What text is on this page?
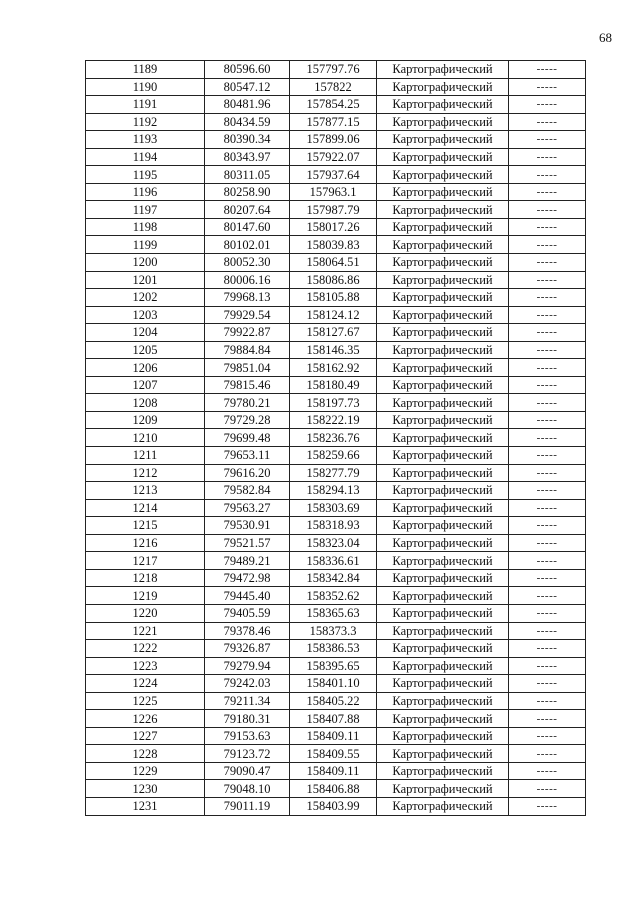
68
1189	80596.60	157797.76	Картографический	-----
1190	80547.12	157822	Картографический	-----
1191	80481.96	157854.25	Картографический	-----
1192	80434.59	157877.15	Картографический	-----
1193	80390.34	157899.06	Картографический	-----
1194	80343.97	157922.07	Картографический	-----
1195	80311.05	157937.64	Картографический	-----
1196	80258.90	157963.1	Картографический	-----
1197	80207.64	157987.79	Картографический	-----
1198	80147.60	158017.26	Картографический	-----
1199	80102.01	158039.83	Картографический	-----
1200	80052.30	158064.51	Картографический	-----
1201	80006.16	158086.86	Картографический	-----
1202	79968.13	158105.88	Картографический	-----
1203	79929.54	158124.12	Картографический	-----
1204	79922.87	158127.67	Картографический	-----
1205	79884.84	158146.35	Картографический	-----
1206	79851.04	158162.92	Картографический	-----
1207	79815.46	158180.49	Картографический	-----
1208	79780.21	158197.73	Картографический	-----
1209	79729.28	158222.19	Картографический	-----
1210	79699.48	158236.76	Картографический	-----
1211	79653.11	158259.66	Картографический	-----
1212	79616.20	158277.79	Картографический	-----
1213	79582.84	158294.13	Картографический	-----
1214	79563.27	158303.69	Картографический	-----
1215	79530.91	158318.93	Картографический	-----
1216	79521.57	158323.04	Картографический	-----
1217	79489.21	158336.61	Картографический	-----
1218	79472.98	158342.84	Картографический	-----
1219	79445.40	158352.62	Картографический	-----
1220	79405.59	158365.63	Картографический	-----
1221	79378.46	158373.3	Картографический	-----
1222	79326.87	158386.53	Картографический	-----
1223	79279.94	158395.65	Картографический	-----
1224	79242.03	158401.10	Картографический	-----
1225	79211.34	158405.22	Картографический	-----
1226	79180.31	158407.88	Картографический	-----
1227	79153.63	158409.11	Картографический	-----
1228	79123.72	158409.55	Картографический	-----
1229	79090.47	158409.11	Картографический	-----
1230	79048.10	158406.88	Картографический	-----
1231	79011.19	158403.99	Картографический	-----
